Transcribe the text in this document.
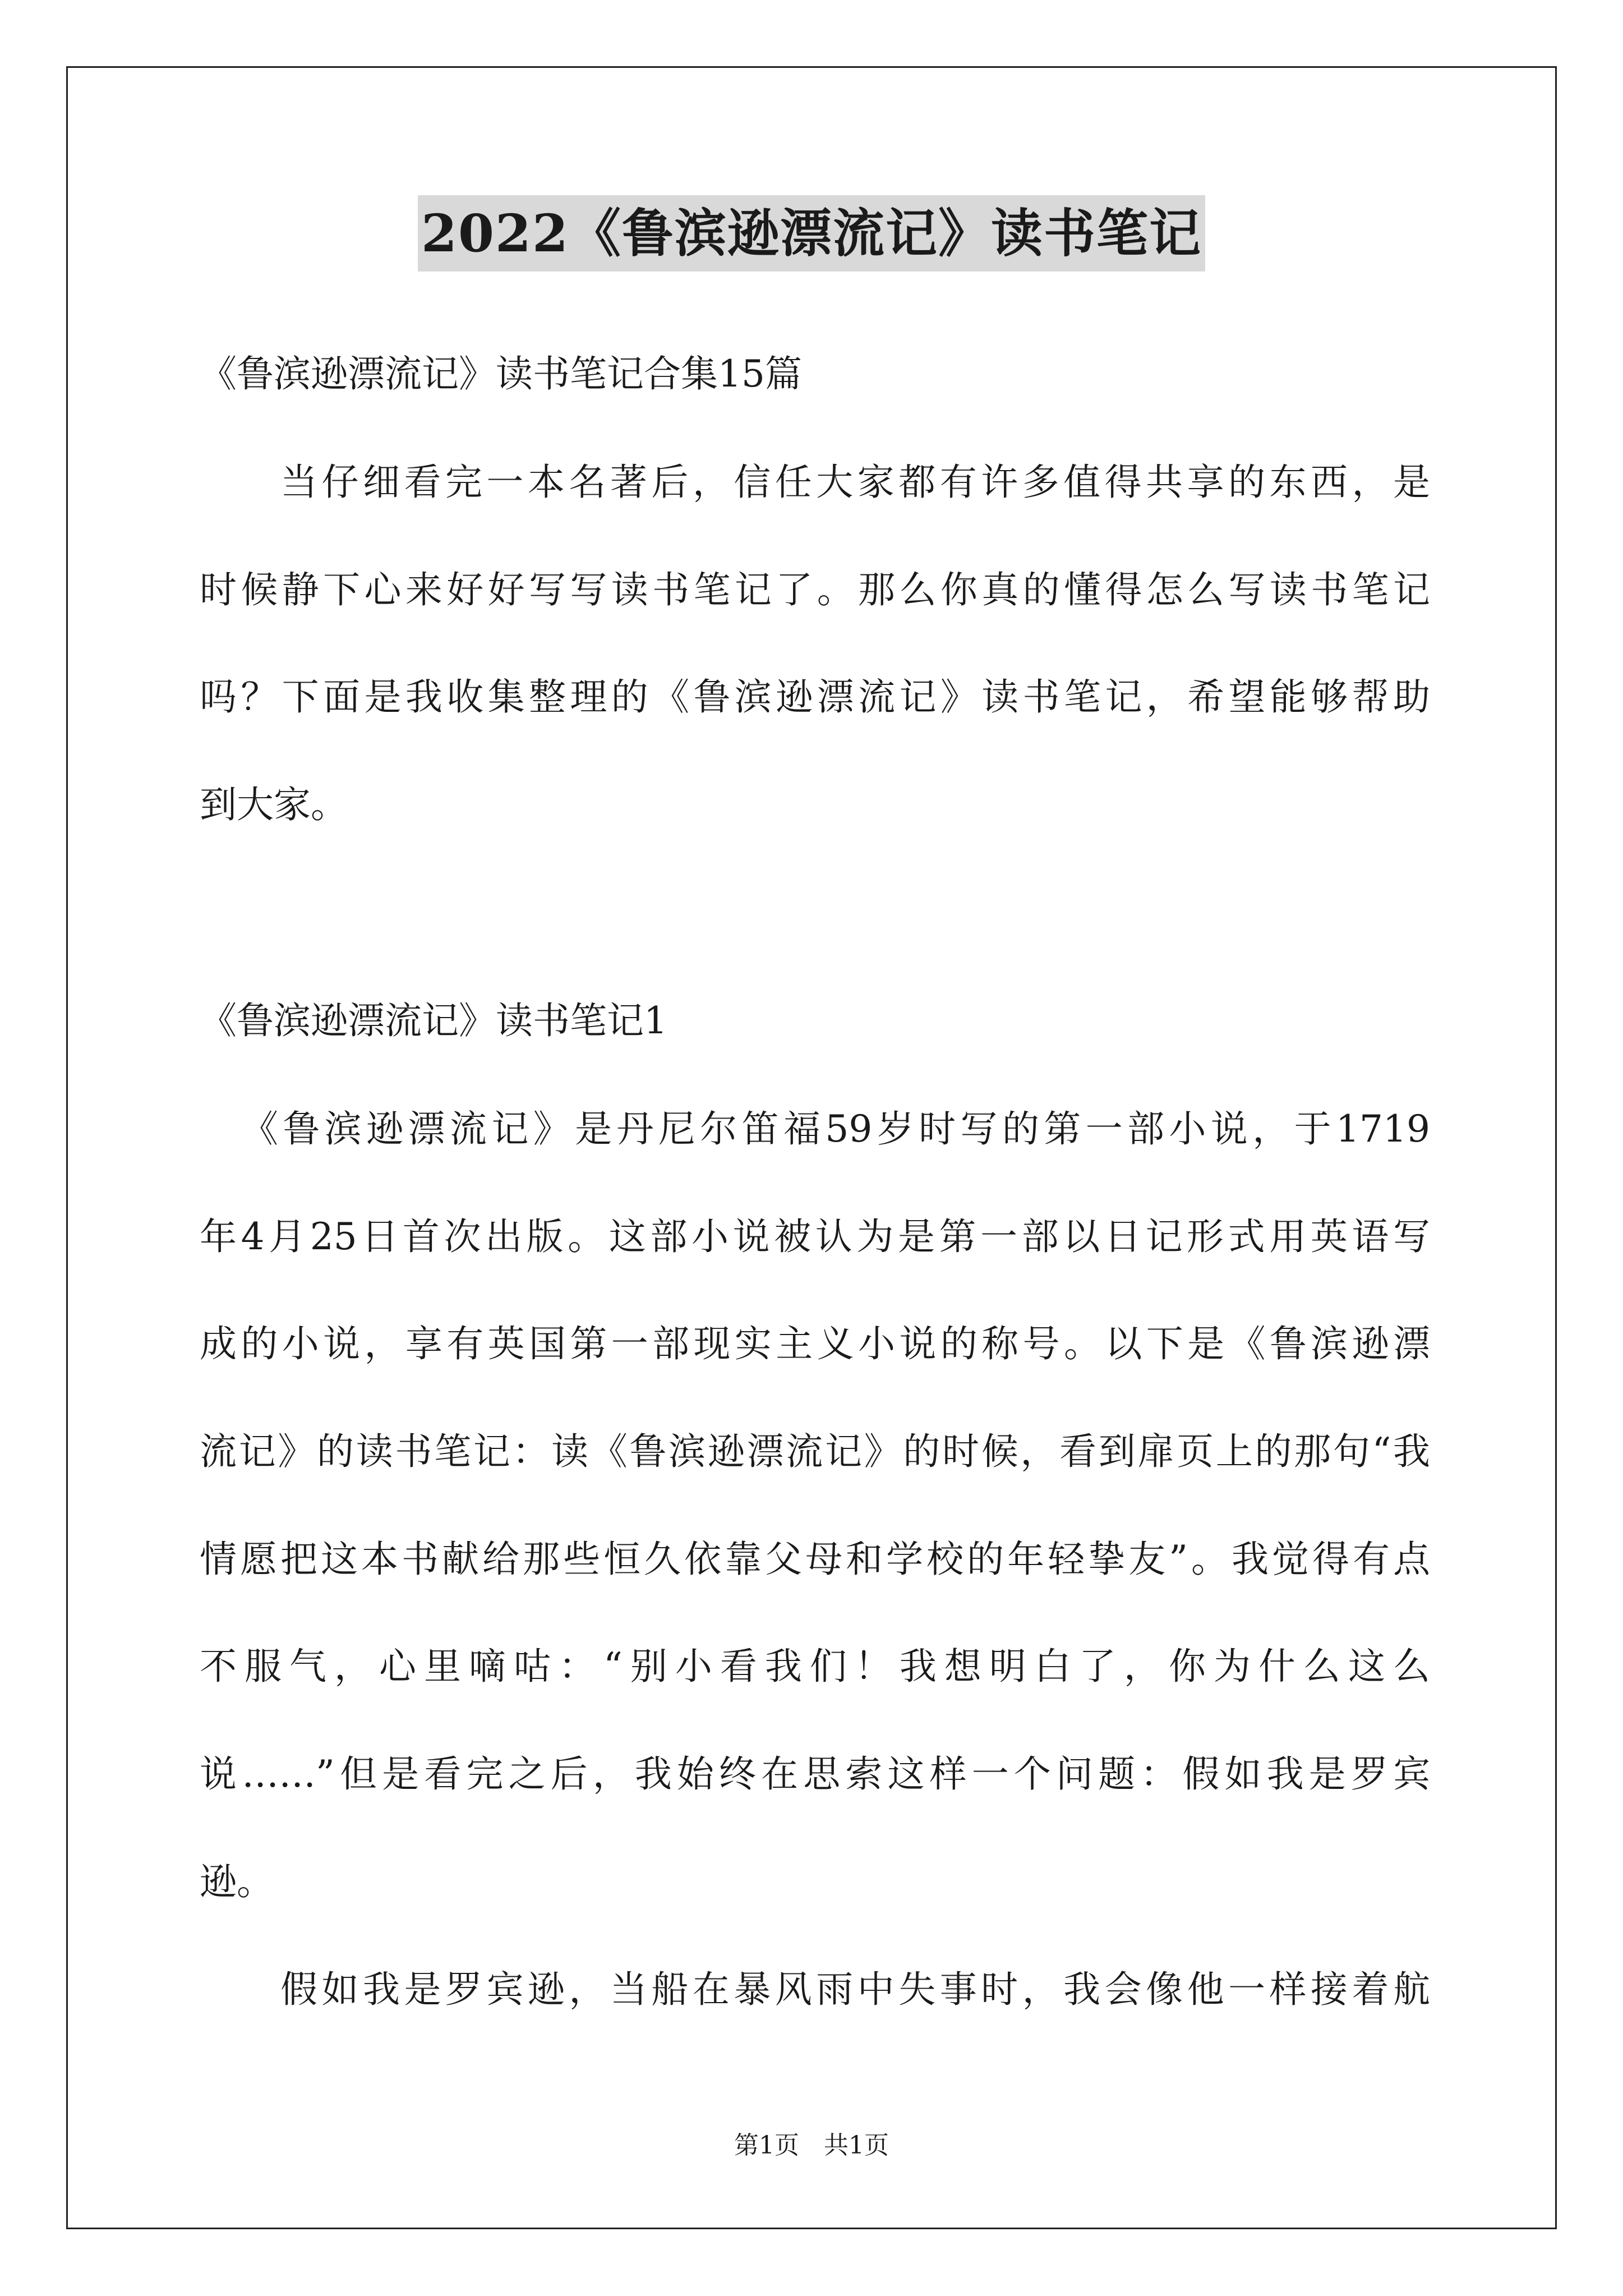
2022《鲁滨逊漂流记》读书笔记
《鲁滨逊漂流记》读书笔记合集15篇
当仔细看完一本名著后，信任大家都有许多值得共享的东西，是
时候静下心来好好写写读书笔记了。那么你真的懂得怎么写读书笔记
吗？下面是我收集整理的《鲁滨逊漂流记》读书笔记，希望能够帮助
到大家。
《鲁滨逊漂流记》读书笔记1
《鲁滨逊漂流记》是丹尼尔笛福59岁时写的第一部小说，于1719
年4月25日首次出版。这部小说被认为是第一部以日记形式用英语写
成的小说，享有英国第一部现实主义小说的称号。以下是《鲁滨逊漂
流记》的读书笔记：读《鲁滨逊漂流记》的时候，看到扉页上的那句“我
情愿把这本书献给那些恒久依靠父母和学校的年轻挚友”。我觉得有点
不服气，心里嘀咕：“别小看我们！我想明白了，你为什么这么
说……”但是看完之后，我始终在思索这样一个问题：假如我是罗宾
逊。
假如我是罗宾逊，当船在暴风雨中失事时，我会像他一样接着航
第1页　共1页
